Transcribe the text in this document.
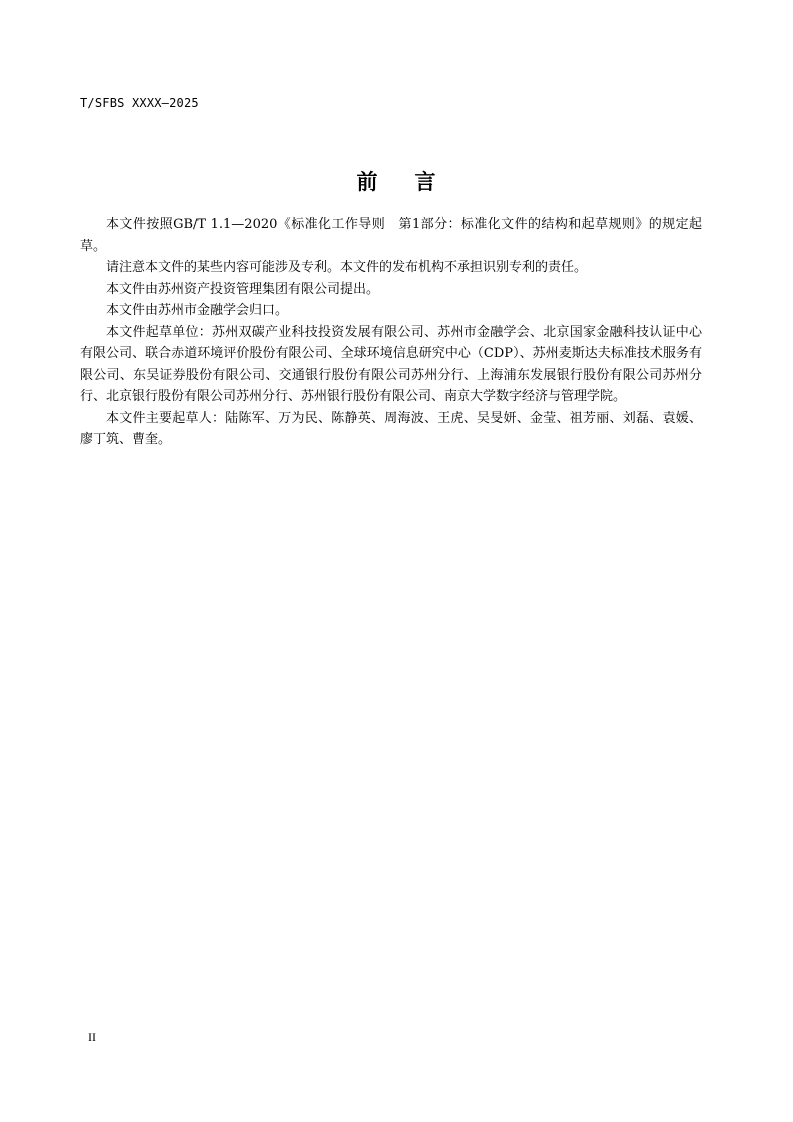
T/SFBS XXXX—2025
前 言

本文件按照GB/T 1.1—2020《标准化工作导则　第1部分：标准化文件的结构和起草规则》的规定起草。

请注意本文件的某些内容可能涉及专利。本文件的发布机构不承担识别专利的责任。

本文件由苏州资产投资管理集团有限公司提出。

本文件由苏州市金融学会归口。

本文件起草单位：苏州双碳产业科技投资发展有限公司、苏州市金融学会、北京国家金融科技认证中心有限公司、联合赤道环境评价股份有限公司、全球环境信息研究中心（CDP）、苏州麦斯达夫标准技术服务有限公司、东吴证券股份有限公司、交通银行股份有限公司苏州分行、上海浦东发展银行股份有限公司苏州分行、北京银行股份有限公司苏州分行、苏州银行股份有限公司、南京大学数字经济与管理学院。

本文件主要起草人：陆陈军、万为民、陈静英、周海波、王虎、吴旻妍、金莹、祖芳丽、刘磊、袁媛、廖丁筑、曹奎。

II
